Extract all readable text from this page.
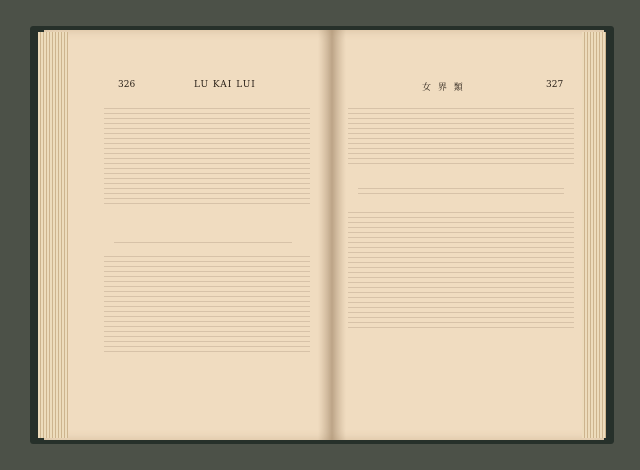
326	LU KAI LUI	女 界 類	327
